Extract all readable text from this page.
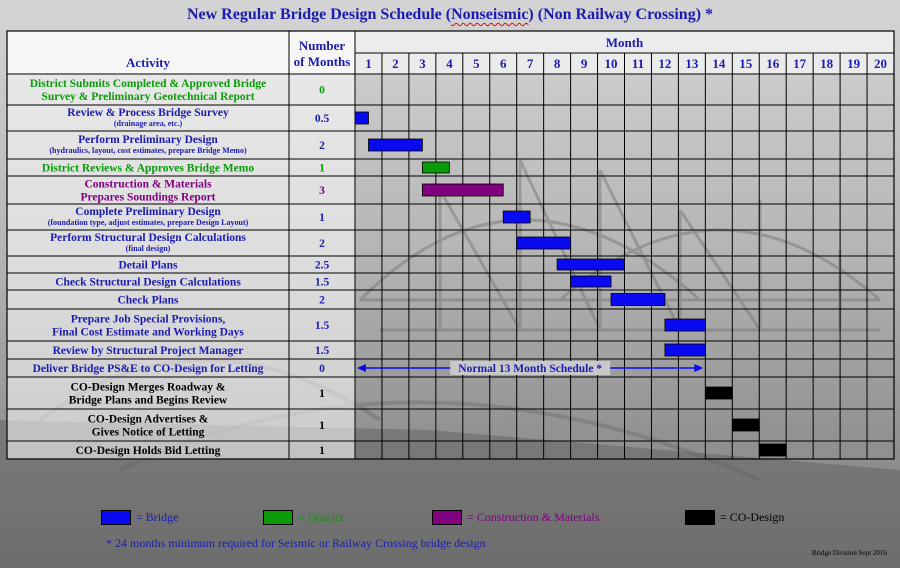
New Regular Bridge Design Schedule (Nonseismic) (Non Railway Crossing) *
Activity
Number
of Months
Month
1 2 3 4 5 6 7 8 9 10 11 12 13 14 15 16 17 18 19 20
District Submits Completed & Approved Bridge
Survey & Preliminary Geotechnical Report
0
Review & Process Bridge Survey
(drainage area, etc.)	0.5
Perform Preliminary Design
(hydraulics, layout, cost estimates, prepare Bridge Memo)	2
District Reviews & Approves Bridge Memo	1
Construction & Materials
Prepares Soundings Report
3
Complete Preliminary Design
(foundation type, adjust estimates, prepare Design Layout)	1
Perform Structural Design Calculations
(final design)	2
Detail Plans	2.5
Check Structural Design Calculations	1.5
Check Plans	2
Prepare Job Special Provisions,
Final Cost Estimate and Working Days
1.5
Review by Structural Project Manager	1.5
Deliver Bridge PS&E to CO-Design for Letting	0
CO-Design Merges Roadway &
Bridge Plans and Begins Review
1
CO-Design Advertises &
Gives Notice of Letting
1
CO-Design Holds Bid Letting	1
Normal 13 Month Schedule *
= Bridge	= District	= Construction & Materials	= CO-Design
* 24 months minimum required for Seismic or Railway Crossing bridge design
Bridge Division Sept 2016
